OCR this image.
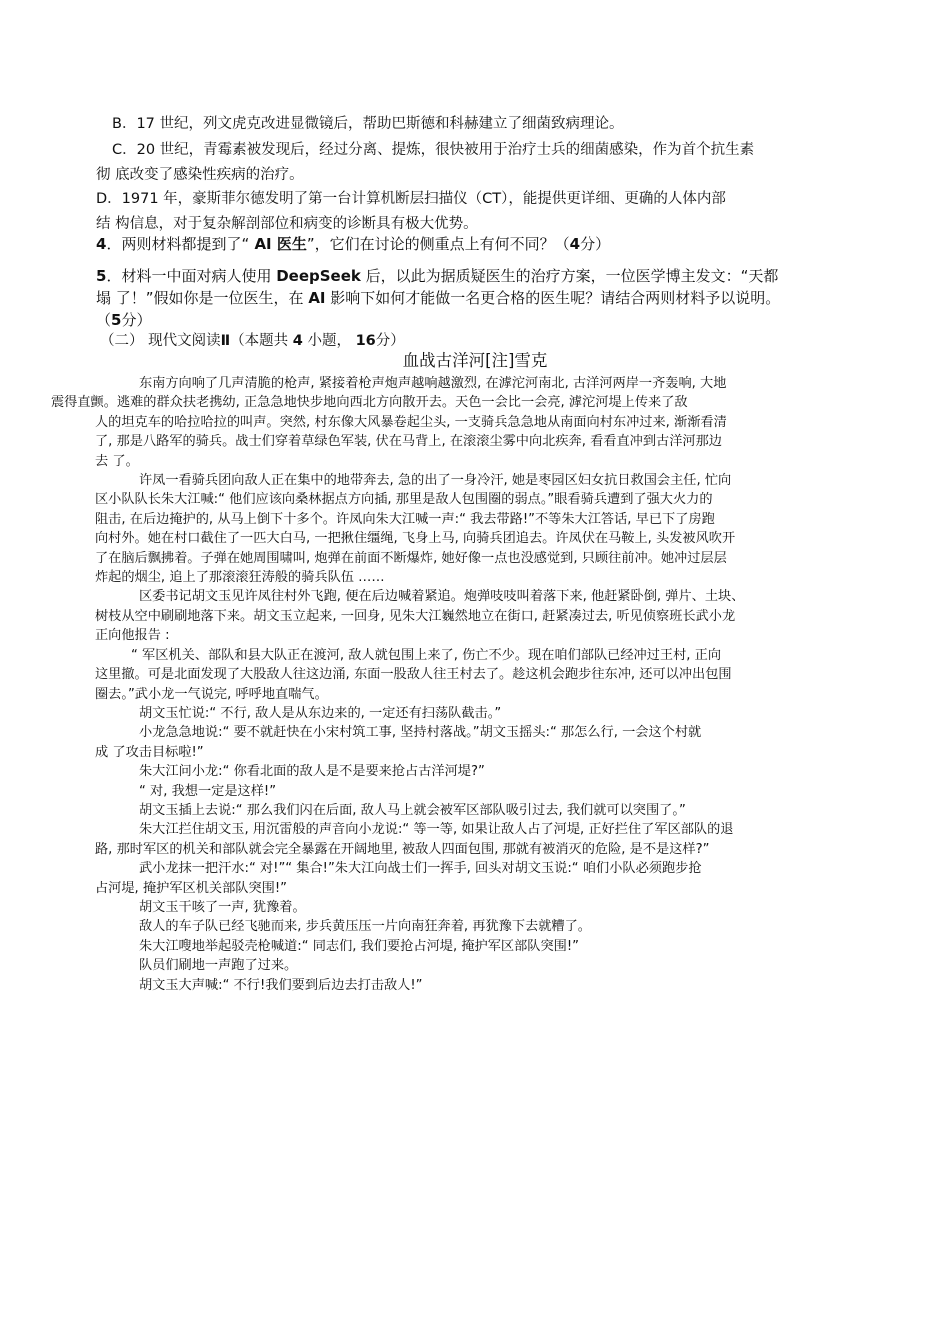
B．17 世纪，列文虎克改进显微镜后，帮助巴斯德和科赫建立了细菌致病理论。
C．20 世纪，青霉素被发现后，经过分离、提炼，很快被用于治疗士兵的细菌感染，作为首个抗生素
彻 底改变了感染性疾病的治疗。
D．1971 年，豪斯菲尔德发明了第一台计算机断层扫描仪（CT），能提供更详细、更确的人体内部
结 构信息，对于复杂解剖部位和病变的诊断具有极大优势。
4．两则材料都提到了“ AI 医生”，它们在讨论的侧重点上有何不同？（4分）
5．材料一中面对病人使用 DeepSeek 后，以此为据质疑医生的治疗方案，一位医学博主发文：“天都
塌 了！”假如你是一位医生，在 AI 影响下如何才能做一名更合格的医生呢？请结合两则材料予以说明。
（5分）
（二） 现代文阅读Ⅱ（本题共 4 小题， 16分）
血战古洋河[注]雪克

东南方向响了几声清脆的枪声, 紧接着枪声炮声越响越激烈, 在滹沱河南北, 古洋河两岸一齐轰响, 大地
震得直颤。逃难的群众扶老携幼, 正急急地快步地向西北方向散开去。天色一会比一会亮, 滹沱河堤上传来了敌
人的坦克车的哈拉哈拉的叫声。突然, 村东像大风暴卷起尘头, 一支骑兵急急地从南面向村东冲过来, 渐渐看清
了, 那是八路军的骑兵。战士们穿着草绿色军装, 伏在马背上, 在滚滚尘雾中向北疾奔, 看看直冲到古洋河那边
去 了。

许凤一看骑兵团向敌人正在集中的地带奔去, 急的出了一身冷汗, 她是枣园区妇女抗日救国会主任, 忙向
区小队队长朱大江喊:“ 他们应该向桑林据点方向插, 那里是敌人包围圈的弱点。”眼看骑兵遭到了强大火力的
阻击, 在后边掩护的, 从马上倒下十多个。许凤向朱大江喊一声:“ 我去带路!”不等朱大江答话, 早已下了房跑
向村外。她在村口截住了一匹大白马, 一把揪住缰绳, 飞身上马, 向骑兵团追去。许凤伏在马鞍上, 头发被风吹开
了在脑后飘拂着。子弹在她周围啸叫, 炮弹在前面不断爆炸, 她好像一点也没感觉到, 只顾往前冲。她冲过层层
炸起的烟尘, 追上了那滚滚狂涛般的骑兵队伍 ……

区委书记胡文玉见许凤往村外飞跑, 便在后边喊着紧追。炮弹吱吱叫着落下来, 他赶紧卧倒, 弹片、土块、
树枝从空中刷刷地落下来。胡文玉立起来, 一回身, 见朱大江巍然地立在街口, 赶紧凑过去, 听见侦察班长武小龙
正向他报告 :

“ 军区机关、部队和县大队正在渡河, 敌人就包围上来了, 伤亡不少。现在咱们部队已经冲过王村, 正向
这里撤。可是北面发现了大股敌人往这边涌, 东面一股敌人往王村去了。趁这机会跑步往东冲, 还可以冲出包围
圈去。”武小龙一气说完, 呼呼地直喘气。

胡文玉忙说:“ 不行, 敌人是从东边来的, 一定还有扫荡队截击。”

小龙急急地说:“ 要不就赶快在小宋村筑工事, 坚持村落战。”胡文玉摇头:“ 那怎么行, 一会这个村就
成 了攻击目标啦!”

朱大江问小龙:“ 你看北面的敌人是不是要来抢占古洋河堤?”

“ 对, 我想一定是这样!”

胡文玉插上去说:“ 那么我们闪在后面, 敌人马上就会被军区部队吸引过去, 我们就可以突围了。”

朱大江拦住胡文玉, 用沉雷般的声音向小龙说:“ 等一等, 如果让敌人占了河堤, 正好拦住了军区部队的退
路, 那时军区的机关和部队就会完全暴露在开阔地里, 被敌人四面包围, 那就有被消灭的危险, 是不是这样?”

武小龙抹一把汗水:“ 对!”“ 集合!”朱大江向战士们一挥手, 回头对胡文玉说:“ 咱们小队必须跑步抢
占河堤, 掩护军区机关部队突围!”

胡文玉干咳了一声, 犹豫着。

敌人的车子队已经飞驰而来, 步兵黄压压一片向南狂奔着, 再犹豫下去就糟了。

朱大江嗖地举起驳壳枪喊道:“ 同志们, 我们要抢占河堤, 掩护军区部队突围!”

队员们刷地一声跑了过来。

胡文玉大声喊:“ 不行!我们要到后边去打击敌人!”
